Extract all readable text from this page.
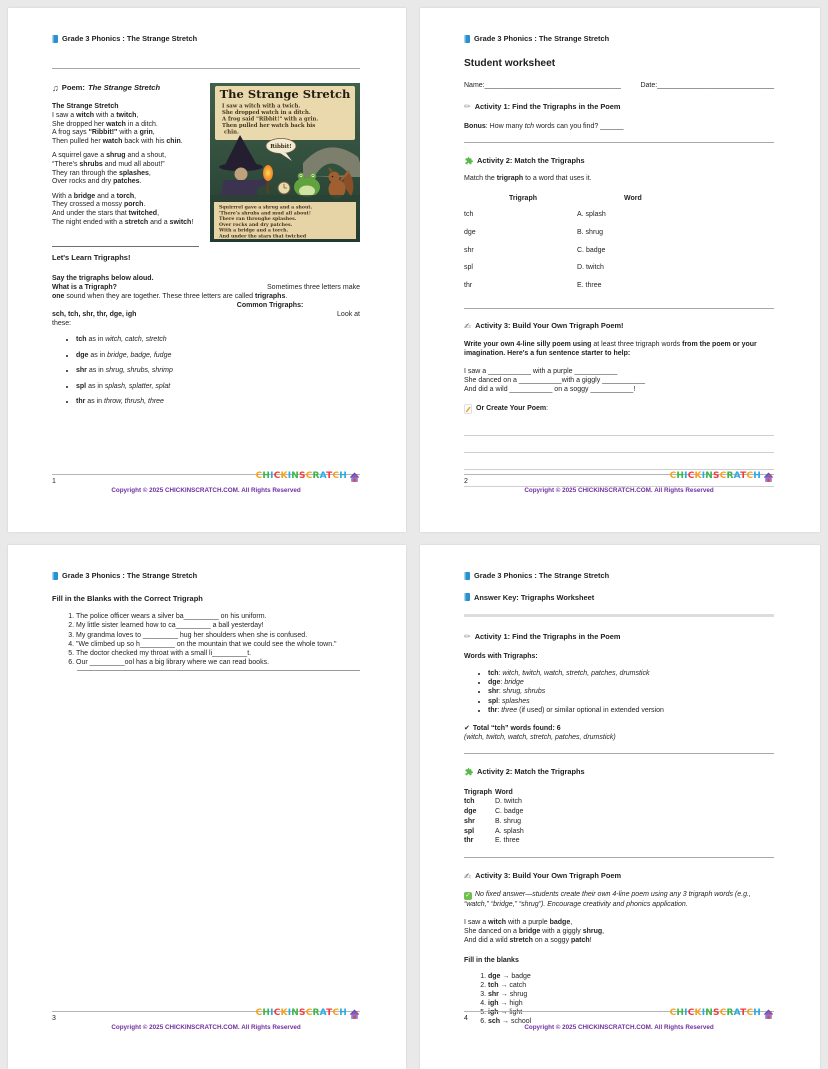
Grade 3 Phonics : The Strange Stretch
♫ Poem: The Strange Stretch
The Strange Stretch
I saw a witch with a twitch,
She dropped her watch in a ditch.
A frog says "Ribbit!" with a grin,
Then pulled her watch back with his chin.
A squirrel gave a shrug and a shout,
“There's shrubs and mud all about!”
They ran through the splashes,
Over rocks and dry patches.
With a bridge and a torch,
They crossed a mossy porch.
And under the stars that twitched,
The night ended with a stretch and a switch!
The Strange Stretch
I saw a witch with a twich.
She dropped watch in a ditch.
A frog said "Ribbit!" with a grin.
Then pulled her watch back his
chin.
Ribbit!
Squirrrel gave a shrug and a shout.
'There's shrubs and mud all about!
There ran throughe splashes.
Over rocks and dry patches.
With a bridge and a torch.
And under the stars that twtched
Let's Learn Trigraphs!
Say the trigraphs below aloud.
What is a Trigraph?	Sometimes three letters make
one sound when they are together. These three letters are called trigraphs.
Common Trigraphs:
sch, tch, shr, thr, dge, igh	Look at
these:
• tch as in witch, catch, stretch
• dge as in bridge, badge, fudge
• shr as in shrug, shrubs, shrimp
• spl as in splash, splatter, splat
• thr as in throw, thrush, three
1
CHICKINSCRATCH
Copyright © 2025 CHICKINSCRATCH.COM. All Rights Reserved
Grade 3 Phonics : The Strange Stretch
Student worksheet
Name:___________________________________	Date:______________________________
✏ Activity 1: Find the Trigraphs in the Poem
Bonus: How many tch words can you find? ______
Activity 2: Match the Trigraphs
Match the trigraph to a word that uses it.
Trigraph	Word
tch	A. splash
dge	B. shrug
shr	C. badge
spl	D. twitch
thr	E. three
✍ Activity 3: Build Your Own Trigraph Poem!
Write your own 4-line silly poem using at least three trigraph words from the poem or your imagination. Here's a fun sentence starter to help:
I saw a ___________ with a purple ___________
She danced on a ___________with a giggly ___________
And did a wild ___________ on a soggy ___________!
Or Create Your Poem:
2
CHICKINSCRATCH
Copyright © 2025 CHICKINSCRATCH.COM. All Rights Reserved
Grade 3 Phonics : The Strange Stretch
Fill in the Blanks with the Correct Trigraph
1. The police officer wears a silver ba_________ on his uniform.
2. My little sister learned how to ca_________ a ball yesterday!
3. My grandma loves to _________ hug her shoulders when she is confused.
4. "We climbed up so h_________ on the mountain that we could see the whole town."
5. The doctor checked my throat with a small li_________t.
6. Our _________ool has a big library where we can read books.
3
CHICKINSCRATCH
Copyright © 2025 CHICKINSCRATCH.COM. All Rights Reserved
Grade 3 Phonics : The Strange Stretch
Answer Key: Trigraphs Worksheet
✏ Activity 1: Find the Trigraphs in the Poem
Words with Trigraphs:
• tch: witch, twitch, watch, stretch, patches, drumstick
• dge: bridge
• shr: shrug, shrubs
• spl: splashes
• thr: three (if used) or similar optional in extended version
✔ Total “tch” words found: 6
(witch, twitch, watch, stretch, patches, drumstick)
Activity 2: Match the Trigraphs
Trigraph Word
tch	D. twitch
dge	C. badge
shr	B. shrug
spl	A. splash
thr	E. three
✍ Activity 3: Build Your Own Trigraph Poem
✓ No fixed answer—students create their own 4-line poem using any 3 trigraph words (e.g., “watch,” “bridge,” “shrug”). Encourage creativity and phonics application.
I saw a witch with a purple badge,
She danced on a bridge with a giggly shrug,
And did a wild stretch on a soggy patch!
Fill in the blanks
1. dge → badge
2. tch → catch
3. shr → shrug
4. igh → high
5. igh → light
6. sch → school
4
CHICKINSCRATCH
Copyright © 2025 CHICKINSCRATCH.COM. All Rights Reserved
